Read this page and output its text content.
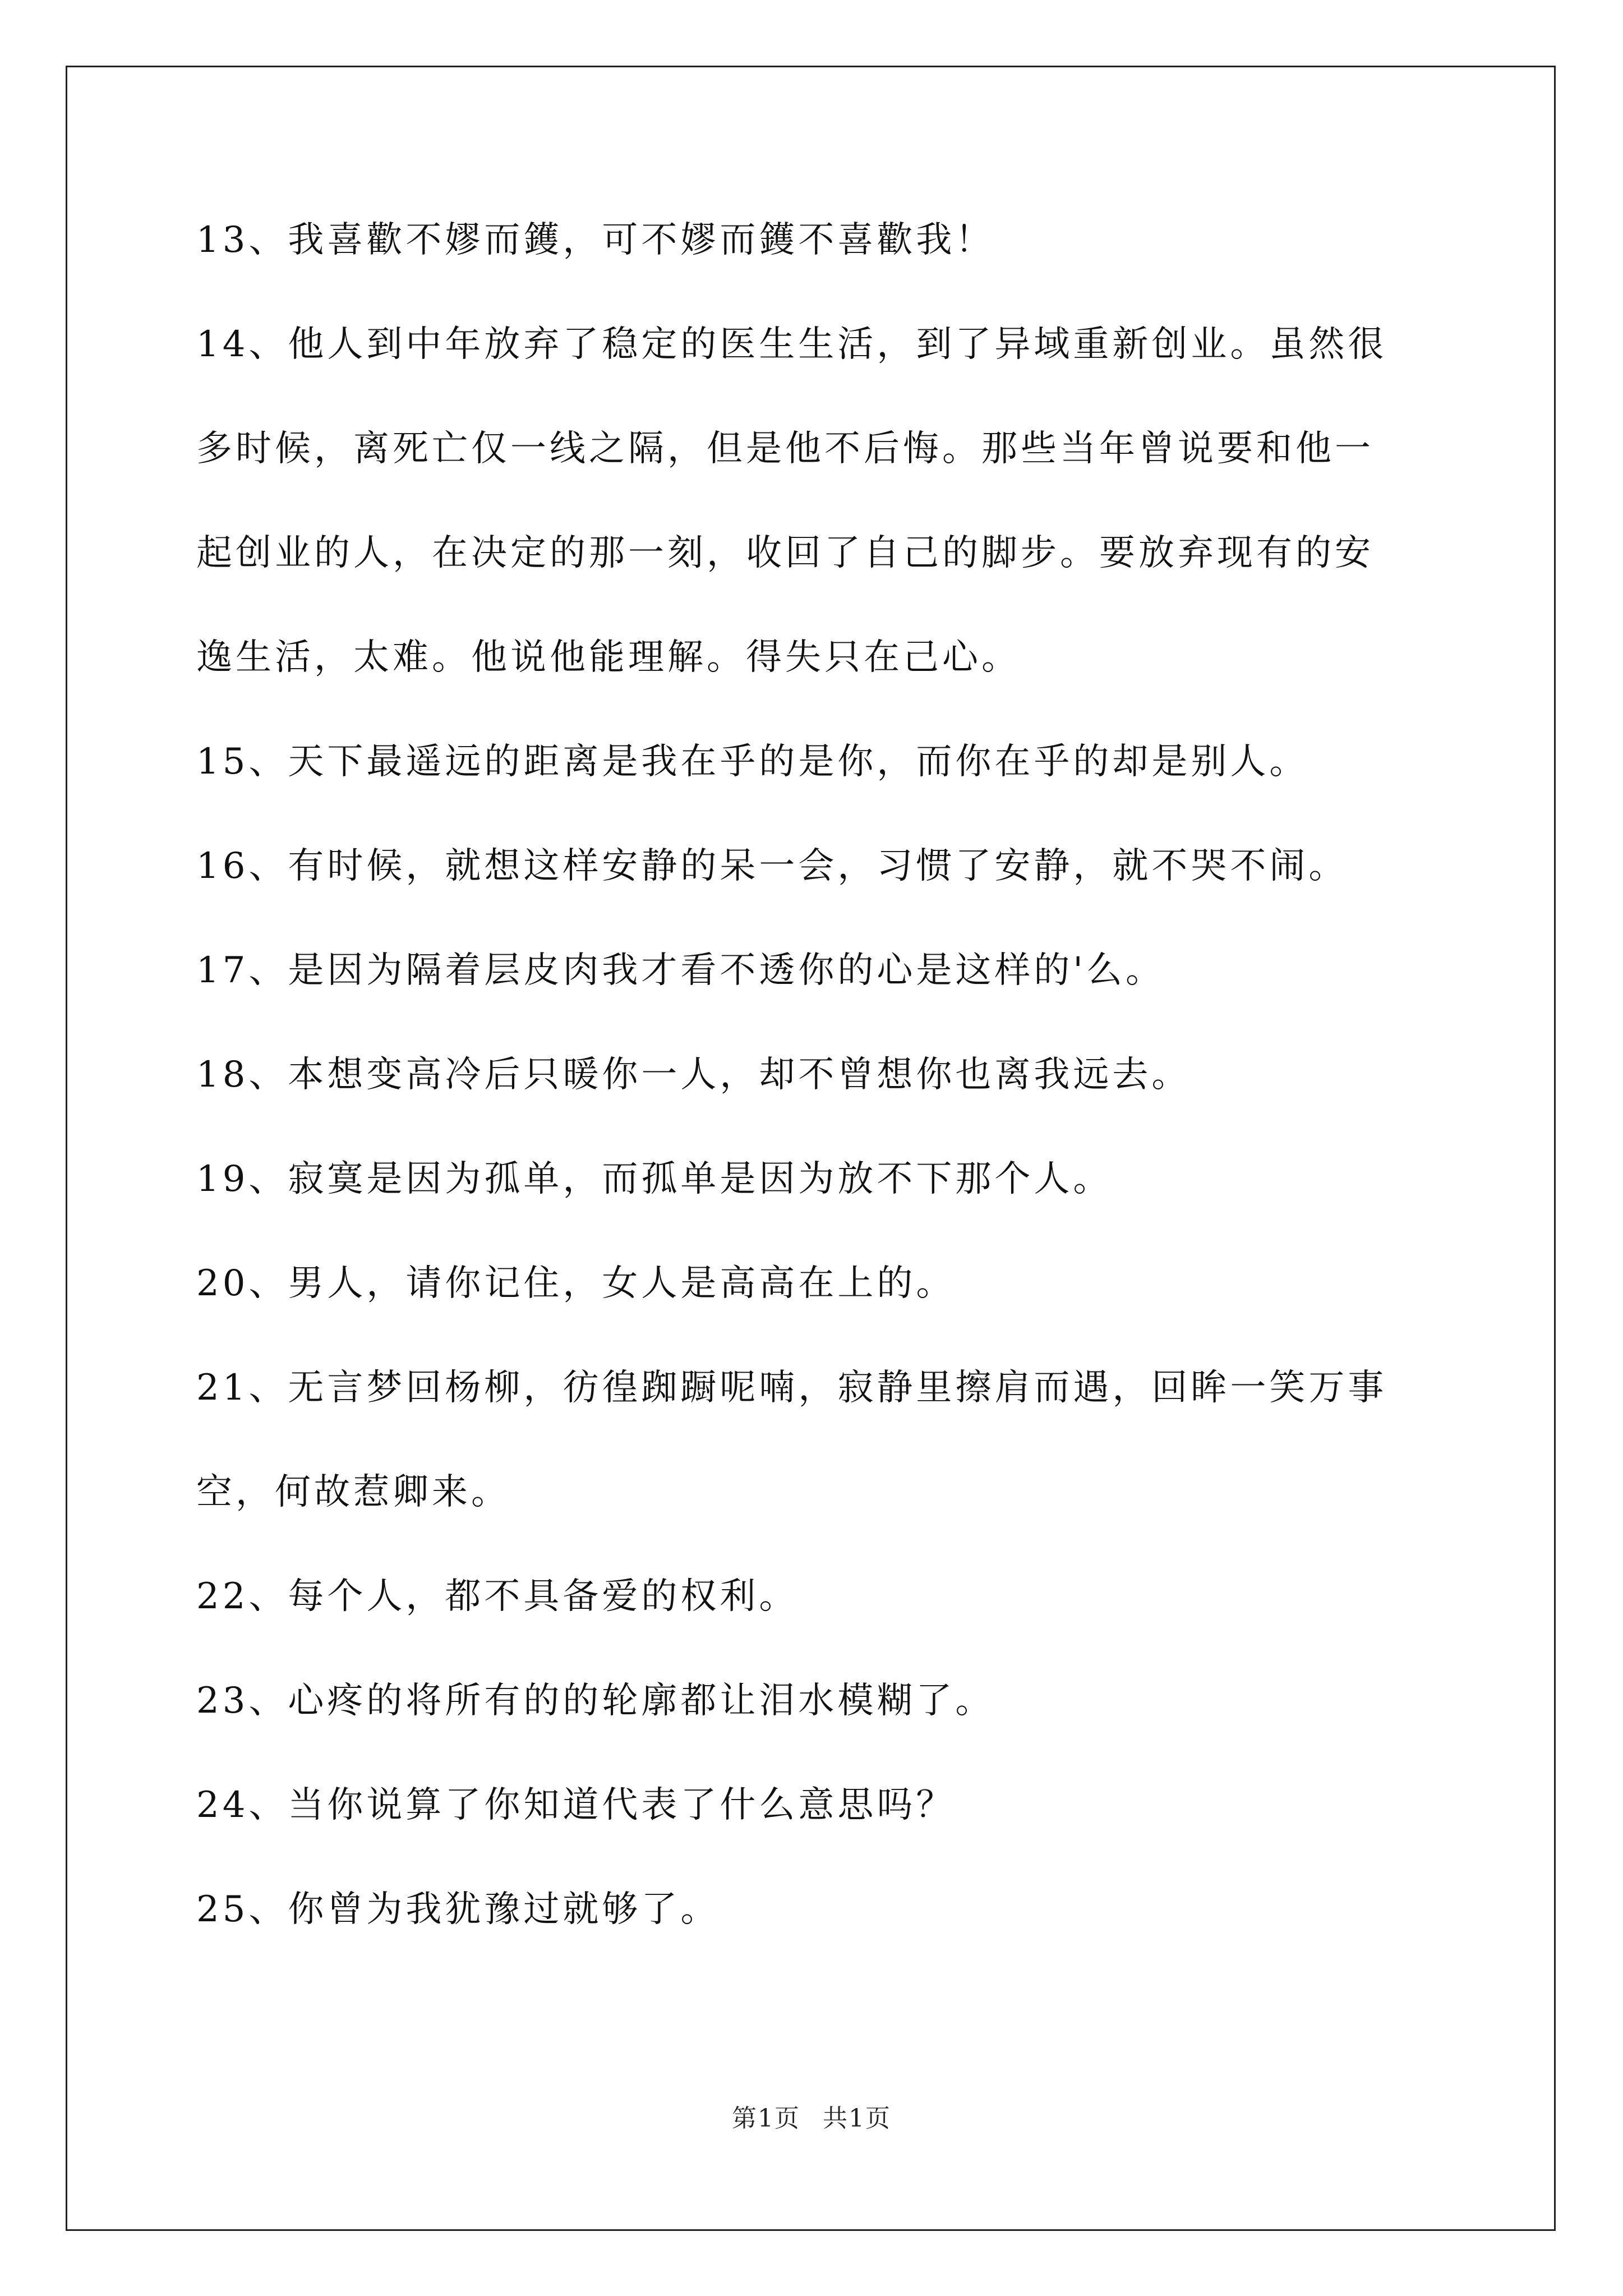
13、我喜歡不嫪而鑊，可不嫪而鑊不喜歡我！
14、他人到中年放弃了稳定的医生生活，到了异域重新创业。虽然很
多时候，离死亡仅一线之隔，但是他不后悔。那些当年曾说要和他一
起创业的人，在决定的那一刻，收回了自己的脚步。要放弃现有的安
逸生活，太难。他说他能理解。得失只在己心。
15、天下最遥远的距离是我在乎的是你，而你在乎的却是别人。
16、有时候，就想这样安静的呆一会，习惯了安静，就不哭不闹。
17、是因为隔着层皮肉我才看不透你的心是这样的'么。
18、本想变高冷后只暖你一人，却不曾想你也离我远去。
19、寂寞是因为孤单，而孤单是因为放不下那个人。
20、男人，请你记住，女人是高高在上的。
21、无言梦回杨柳，彷徨踟蹰呢喃，寂静里擦肩而遇，回眸一笑万事
空，何故惹卿来。
22、每个人，都不具备爱的权利。
23、心疼的将所有的的轮廓都让泪水模糊了。
24、当你说算了你知道代表了什么意思吗？
25、你曾为我犹豫过就够了。
第1页 共1页
